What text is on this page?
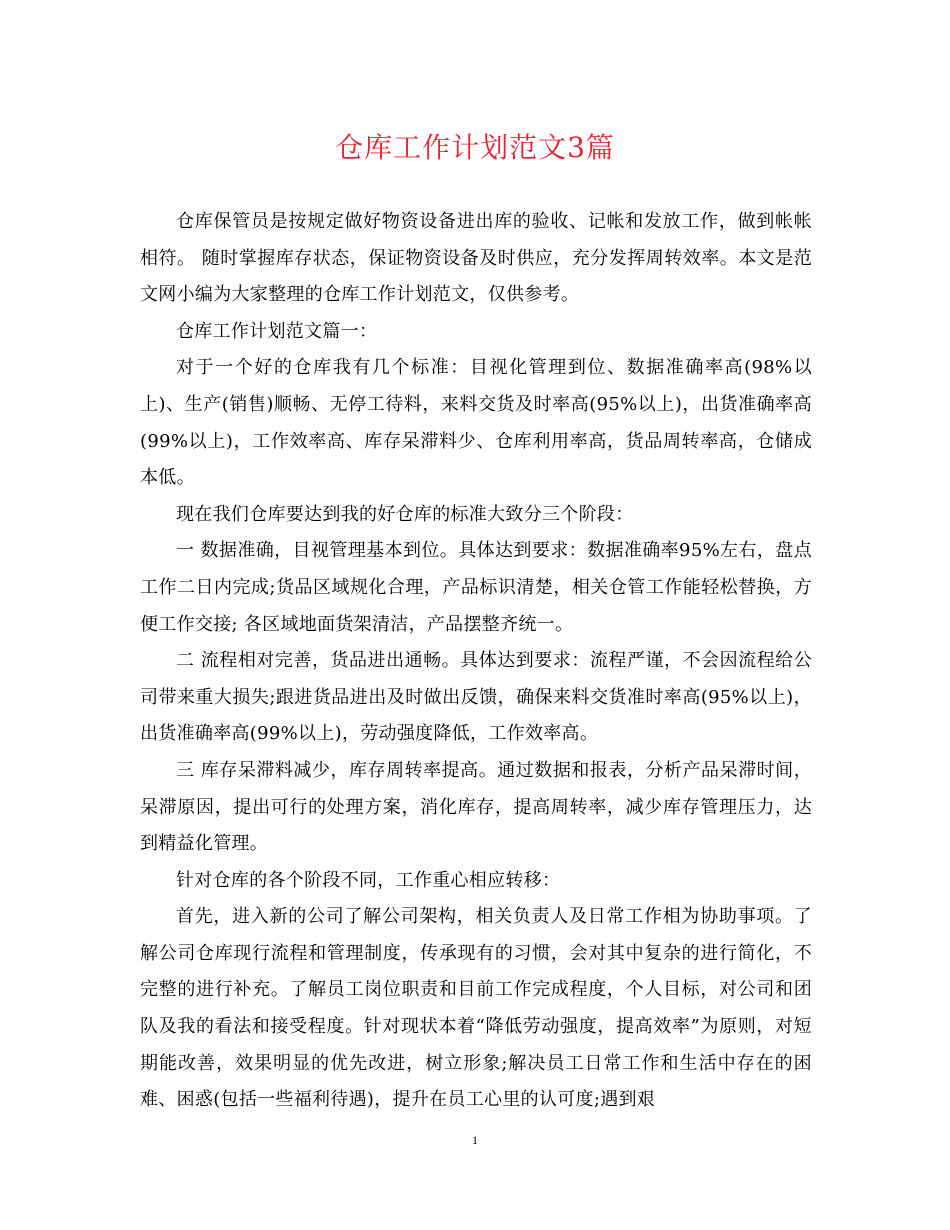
仓库工作计划范文3篇

仓库保管员是按规定做好物资设备进出库的验收、记帐和发放工作，做到帐帐相符。 随时掌握库存状态，保证物资设备及时供应，充分发挥周转效率。本文是范文网小编为大家整理的仓库工作计划范文，仅供参考。

仓库工作计划范文篇一：

对于一个好的仓库我有几个标准：目视化管理到位、数据准确率高(98%以上)、生产(销售)顺畅、无停工待料，来料交货及时率高(95%以上)，出货准确率高(99%以上)，工作效率高、库存呆滞料少、仓库利用率高，货品周转率高，仓储成本低。

现在我们仓库要达到我的好仓库的标准大致分三个阶段：

一 数据准确，目视管理基本到位。具体达到要求：数据准确率95%左右，盘点工作二日内完成;货品区域规化合理，产品标识清楚，相关仓管工作能轻松替换，方便工作交接; 各区域地面货架清洁，产品摆整齐统一。

二 流程相对完善，货品进出通畅。具体达到要求：流程严谨，不会因流程给公司带来重大损失;跟进货品进出及时做出反馈，确保来料交货准时率高(95%以上)，出货准确率高(99%以上)，劳动强度降低，工作效率高。

三 库存呆滞料减少，库存周转率提高。通过数据和报表，分析产品呆滞时间，呆滞原因，提出可行的处理方案，消化库存，提高周转率，减少库存管理压力，达到精益化管理。

针对仓库的各个阶段不同，工作重心相应转移：

首先，进入新的公司了解公司架构，相关负责人及日常工作相为协助事项。了解公司仓库现行流程和管理制度，传承现有的习惯，会对其中复杂的进行简化，不完整的进行补充。了解员工岗位职责和目前工作完成程度，个人目标，对公司和团队及我的看法和接受程度。针对现状本着“降低劳动强度，提高效率”为原则，对短期能改善，效果明显的优先改进，树立形象;解决员工日常工作和生活中存在的困难、困惑(包括一些福利待遇)，提升在员工心里的认可度;遇到艰

1
